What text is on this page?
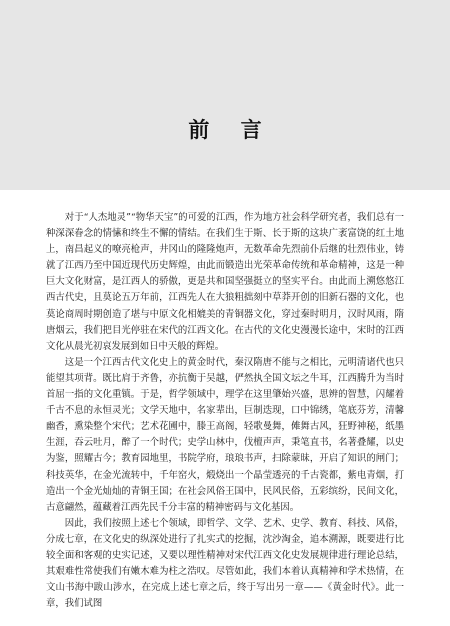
前 言

对于“人杰地灵”“物华天宝”的可爱的江西，作为地方社会科学研究者，我们总有一种深深眷念的情愫和终生不懈的情结。在我们生于斯、长于斯的这块广袤富饶的红土地上，南昌起义的嘹亮枪声，井冈山的隆隆炮声，无数革命先烈前仆后继的壮烈伟业，铸就了江西乃至中国近现代历史辉煌，由此而锻造出光荣革命传统和革命精神，这是一种巨大文化财富，是江西人的骄傲，更是共和国坚强挺立的坚实平台。由此而上溯悠悠江西古代史，且莫论五万年前，江西先人在大狼粗拙刻中草莽开创的旧新石器的文化，也莫论商周时期创造了堪与中原文化相媲美的青铜器文化，穿过秦时明月，汉时风雨，隋唐烟云，我们把目光停驻在宋代的江西文化。在古代的文化史漫漫长途中，宋时的江西文化从晨光初哀发展到如日中天般的辉煌。

这是一个江西古代文化史上的黄金时代，秦汉隋唐不能与之相比，元明清诸代也只能望其项背。既比肩于齐鲁，亦抗衡于吴越，俨然执全国文坛之牛耳，江西腾升为当时首屈一指的文化重镇。于是，哲学领域中，理学在这里肇始兴盛，思辨的智慧，闪耀着千古不息的永恒灵光；文学天地中，名家辈出，巨制迭现，口中锦绣，笔底芬芳，清馨幽香，熏染整个宋代；艺术花圃中，滕王高阁，轻歌曼舞，傩舞古风，狂野神秘，纸墨生涯，吞云吐月，醉了一个时代；史学山林中，伐檀声声，秉笔直书，名著叠耀，以史为鉴，照耀古今；教育园地里，书院学府，琅琅书声，扫除蒙昧，开启了知识的闸门；科技英华，在金光流转中，千年窑火，煅烧出一个晶莹透亮的千古瓷都，紫电青烟，打造出一个金光灿灿的青铜王国；在社会风俗王国中，民风民俗，五彩缤纷，民间文化，古意翩然，蕴藏着江西先民千分丰富的精神密码与文化基因。

因此，我们按照上述七个领域，即哲学、文学、艺术、史学、教育、科技、风俗，分成七章，在文化史的纵深处进行了扎实式的挖掘，沈沙淘金，追本溯源，既要进行比较全面和客观的史实记述，又要以理性精神对宋代江西文化史发展规律进行理论总结，其艰难性常使我们有嫩木难为柱之浩叹。尽管如此，我们本着认真精神和学术热情，在文山书海中跋山涉水，在完成上述七章之后，终于写出另一章——《黄金时代》。此一章，我们试图
